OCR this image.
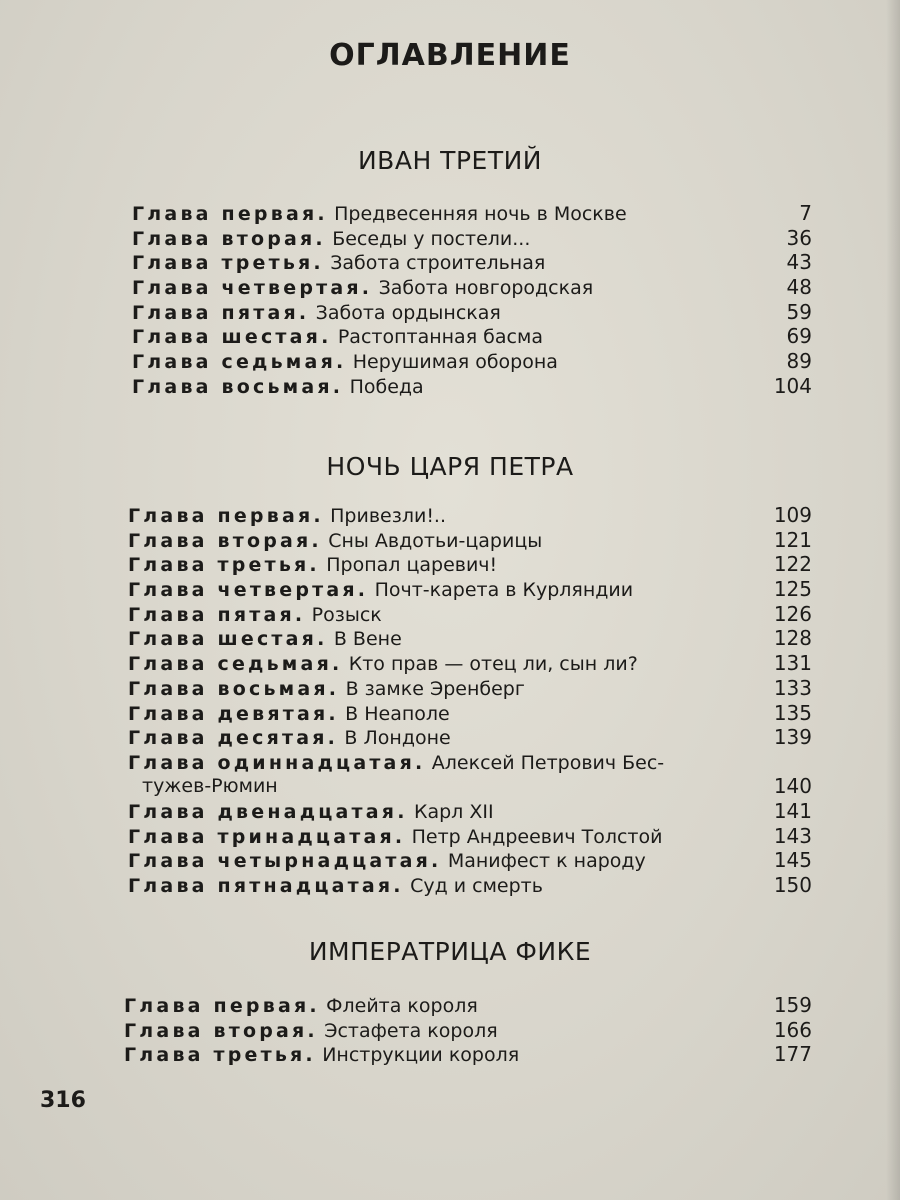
ОГЛАВЛЕНИЕ
ИВАН ТРЕТИЙ
Глава первая. Предвесенняя ночь в Москве	7
Глава вторая. Беседы у постели...	36
Глава третья. Забота строительная	43
Глава четвертая. Забота новгородская	48
Глава пятая. Забота ордынская	59
Глава шестая. Растоптанная басма	69
Глава седьмая. Нерушимая оборона	89
Глава восьмая. Победа	104
НОЧЬ ЦАРЯ ПЕТРА
Глава первая. Привезли!..	109
Глава вторая. Сны Авдотьи-царицы	121
Глава третья. Пропал царевич!	122
Глава четвертая. Почт-карета в Курляндии	125
Глава пятая. Розыск	126
Глава шестая. В Вене	128
Глава седьмая. Кто прав — отец ли, сын ли?	131
Глава восьмая. В замке Эренберг	133
Глава девятая. В Неаполе	135
Глава десятая. В Лондоне	139
Глава одиннадцатая. Алексей Петрович Бес-
тужев-Рюмин	140
Глава двенадцатая. Карл XII	141
Глава тринадцатая. Петр Андреевич Толстой	143
Глава четырнадцатая. Манифест к народу	145
Глава пятнадцатая. Суд и смерть	150
ИМПЕРАТРИЦА ФИКЕ
Глава первая. Флейта короля	159
Глава вторая. Эстафета короля	166
Глава третья. Инструкции короля	177
316
